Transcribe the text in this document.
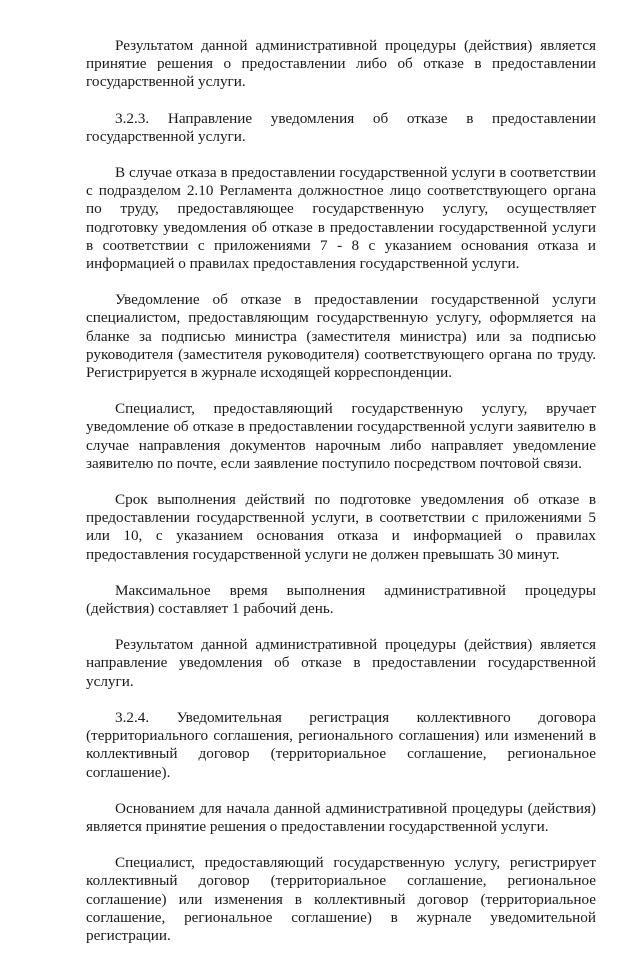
Результатом данной административной процедуры (действия) является принятие решения о предоставлении либо об отказе в предоставлении государственной услуги.

3.2.3. Направление уведомления об отказе в предоставлении государственной услуги.

В случае отказа в предоставлении государственной услуги в соответствии с подразделом 2.10 Регламента должностное лицо соответствующего органа по труду, предоставляющее государственную услугу, осуществляет подготовку уведомления об отказе в предоставлении государственной услуги в соответствии с приложениями 7 - 8 с указанием основания отказа и информацией о правилах предоставления государственной услуги.

Уведомление об отказе в предоставлении государственной услуги специалистом, предоставляющим государственную услугу, оформляется на бланке за подписью министра (заместителя министра) или за подписью руководителя (заместителя руководителя) соответствующего органа по труду. Регистрируется в журнале исходящей корреспонденции.

Специалист, предоставляющий государственную услугу, вручает уведомление об отказе в предоставлении государственной услуги заявителю в случае направления документов нарочным либо направляет уведомление заявителю по почте, если заявление поступило посредством почтовой связи.

Срок выполнения действий по подготовке уведомления об отказе в предоставлении государственной услуги, в соответствии с приложениями 5 или 10, с указанием основания отказа и информацией о правилах предоставления государственной услуги не должен превышать 30 минут.

Максимальное время выполнения административной процедуры (действия) составляет 1 рабочий день.

Результатом данной административной процедуры (действия) является направление уведомления об отказе в предоставлении государственной услуги.

3.2.4. Уведомительная регистрация коллективного договора (территориального соглашения, регионального соглашения) или изменений в коллективный договор (территориальное соглашение, региональное соглашение).

Основанием для начала данной административной процедуры (действия) является принятие решения о предоставлении государственной услуги.

Специалист, предоставляющий государственную услугу, регистрирует коллективный договор (территориальное соглашение, региональное соглашение) или изменения в коллективный договор (территориальное соглашение, региональное соглашение) в журнале уведомительной регистрации.
